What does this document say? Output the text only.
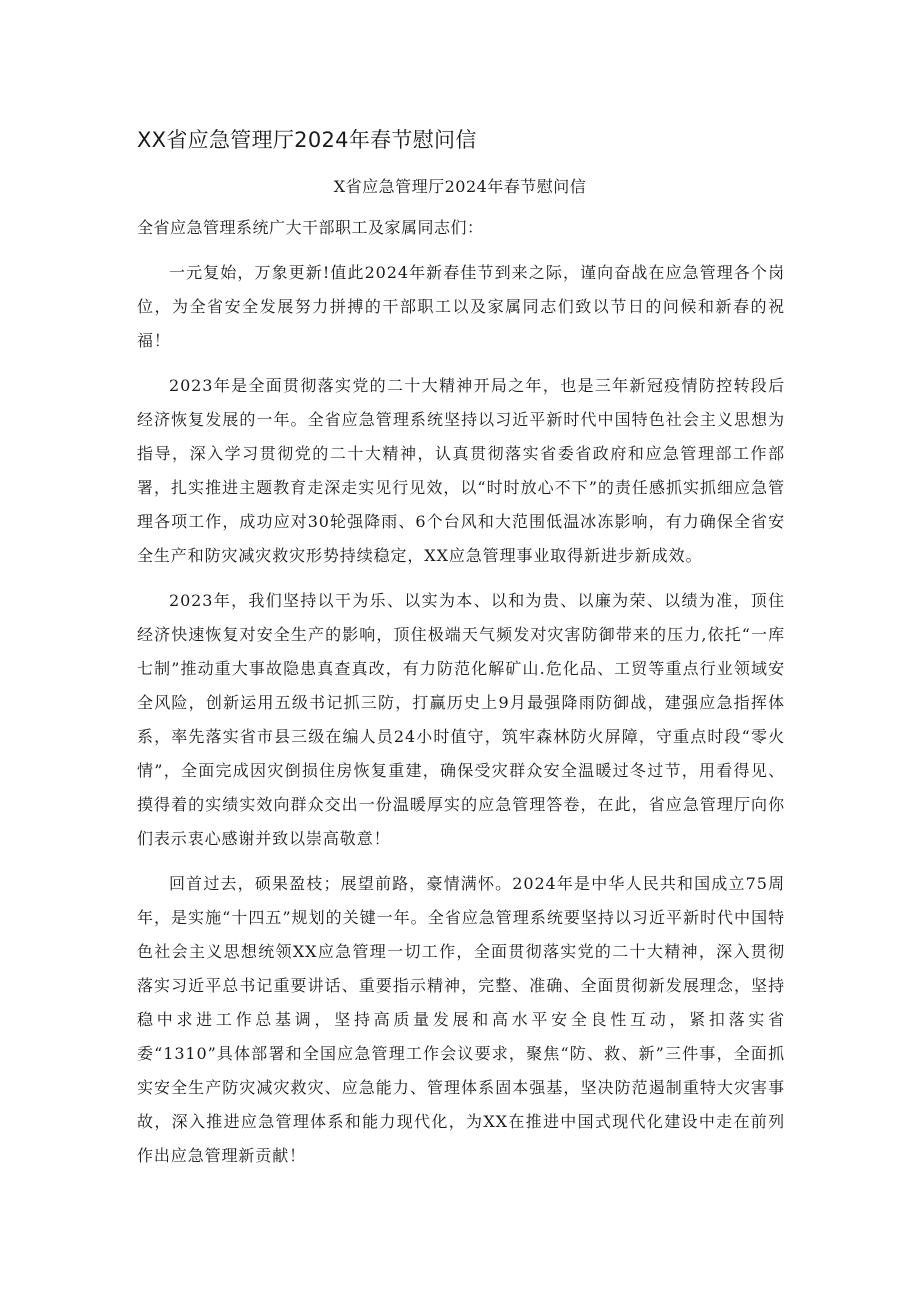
XX省应急管理厅2024年春节慰问信
X省应急管理厅2024年春节慰问信
全省应急管理系统广大干部职工及家属同志们：

一元复始，万象更新!值此2024年新春佳节到来之际，谨向奋战在应急管理各个岗位，为全省安全发展努力拼搏的干部职工以及家属同志们致以节日的问候和新春的祝福！

2023年是全面贯彻落实党的二十大精神开局之年，也是三年新冠疫情防控转段后经济恢复发展的一年。全省应急管理系统坚持以习近平新时代中国特色社会主义思想为指导，深入学习贯彻党的二十大精神，认真贯彻落实省委省政府和应急管理部工作部署，扎实推进主题教育走深走实见行见效，以“时时放心不下”的责任感抓实抓细应急管理各项工作，成功应对30轮强降雨、6个台风和大范围低温冰冻影响，有力确保全省安全生产和防灾减灾救灾形势持续稳定，XX应急管理事业取得新进步新成效。

2023年，我们坚持以干为乐、以实为本、以和为贵、以廉为荣、以绩为准，顶住经济快速恢复对安全生产的影响，顶住极端天气频发对灾害防御带来的压力,依托“一库七制”推动重大事故隐患真查真改，有力防范化解矿山.危化品、工贸等重点行业领域安全风险，创新运用五级书记抓三防，打赢历史上9月最强降雨防御战，建强应急指挥体系，率先落实省市县三级在编人员24小时值守，筑牢森林防火屏障，守重点时段“零火情”，全面完成因灾倒损住房恢复重建，确保受灾群众安全温暖过冬过节，用看得见、摸得着的实绩实效向群众交出一份温暖厚实的应急管理答卷，在此，省应急管理厅向你们表示衷心感谢并致以崇高敬意！

回首过去，硕果盈枝；展望前路，豪情满怀。2024年是中华人民共和国成立75周年，是实施“十四五”规划的关键一年。全省应急管理系统要坚持以习近平新时代中国特色社会主义思想统领XX应急管理一切工作，全面贯彻落实党的二十大精神，深入贯彻落实习近平总书记重要讲话、重要指示精神，完整、准确、全面贯彻新发展理念，坚持稳中求进工作总基调，坚持高质量发展和高水平安全良性互动，紧扣落实省委“1310”具体部署和全国应急管理工作会议要求，聚焦“防、救、新”三件事，全面抓实安全生产防灾减灾救灾、应急能力、管理体系固本强基，坚决防范遏制重特大灾害事故，深入推进应急管理体系和能力现代化，为XX在推进中国式现代化建设中走在前列作出应急管理新贡献！
